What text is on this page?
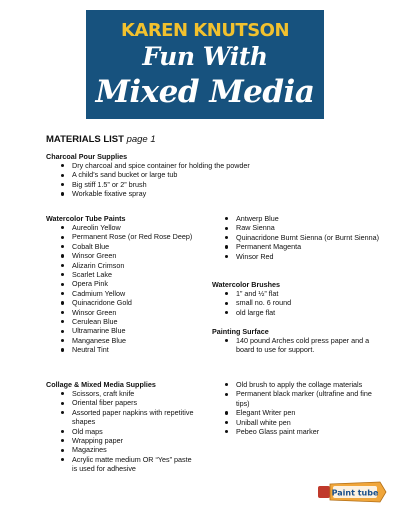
KAREN KNUTSON
Fun With
Mixed Media
MATERIALS LIST page 1
Charcoal Pour Supplies
Dry charcoal and spice container for holding the powder
A child’s sand bucket or large tub
Big stiff 1.5” or 2” brush
Workable fixative spray
Watercolor Tube Paints
Aureolin Yellow
Permanent Rose (or Red Rose Deep)
Cobalt Blue
Winsor Green
Alizarin Crimson
Scarlet Lake
Opera Pink
Cadmium Yellow
Quinacridone Gold
Winsor Green
Cerulean Blue
Ultramarine Blue
Manganese Blue
Neutral Tint
Antwerp Blue
Raw Sienna
Quinacridone Burnt Sienna (or Burnt Sienna)
Permanent Magenta
Winsor Red
Watercolor Brushes
1” and ½” flat
small no. 6 round
old large flat
Painting Surface
140 pound Arches cold press paper and a board to use for support.
Collage & Mixed Media Supplies
Scissors, craft knife
Oriental fiber papers
Assorted paper napkins with repetitive shapes
Old maps
Wrapping paper
Magazines
Acrylic matte medium OR “Yes” paste is used for adhesive
Old brush to apply the collage materials
Permanent black marker (ultrafine and fine tips)
Elegant Writer pen
Uniball white pen
Pebeo Glass paint marker
Paint tube
